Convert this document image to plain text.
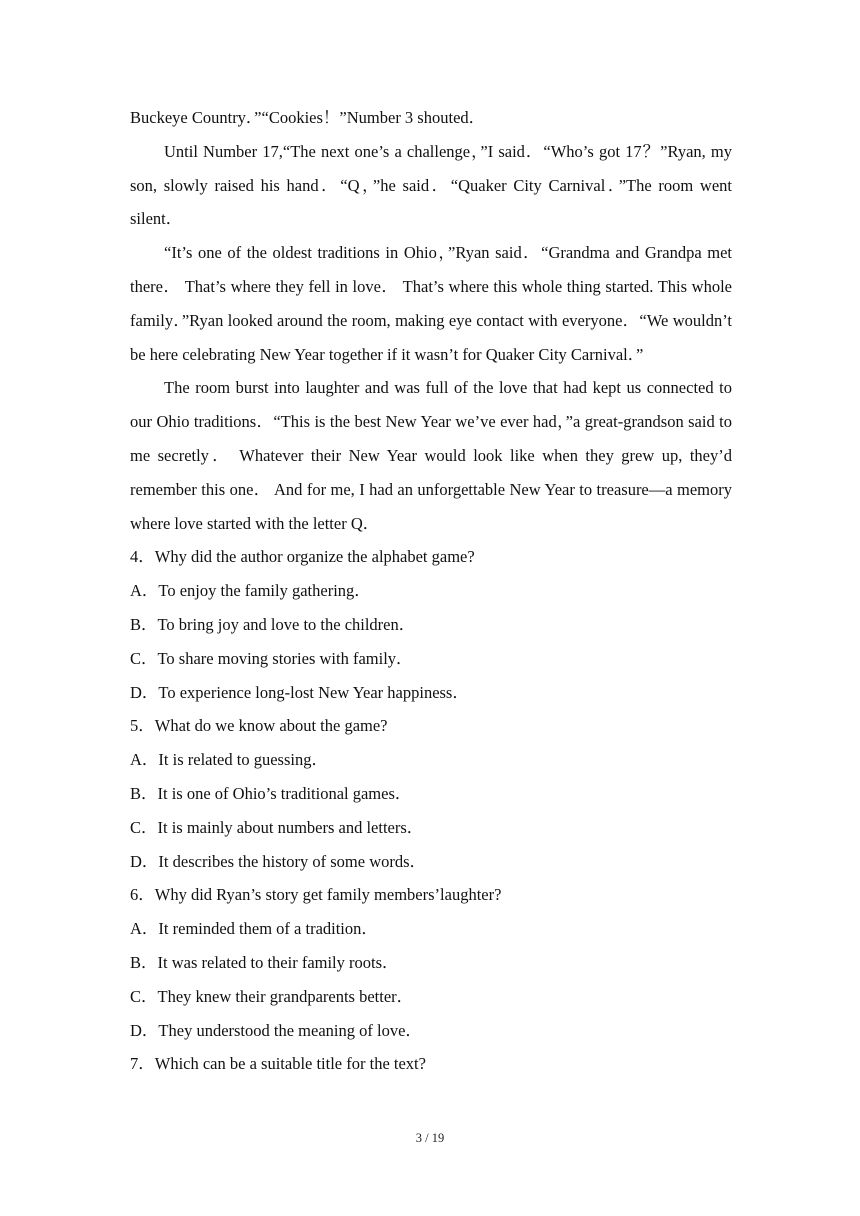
Buckeye Country．”“Cookies！”Number 3 shouted．

Until Number 17,“The next one’s a challenge，”I said．“Who’s got 17？”Ryan, my son, slowly raised his hand．“Q，”he said．“Quaker City Carnival．”The room went silent．

“It’s one of the oldest traditions in Ohio，”Ryan said．“Grandma and Grandpa met there． That’s where they fell in love． That’s where this whole thing started. This whole family．”Ryan looked around the room, making eye contact with everyone．“We wouldn’t be here celebrating New Year together if it wasn’t for Quaker City Carnival．”

The room burst into laughter and was full of the love that had kept us connected to our Ohio traditions．“This is the best New Year we’ve ever had，”a great-grandson said to me secretly． Whatever their New Year would look like when they grew up, they’d remember this one． And for me, I had an unforgettable New Year to treasure—a memory where love started with the letter Q．

4．Why did the author organize the alphabet game?

A．To enjoy the family gathering．

B．To bring joy and love to the children．

C．To share moving stories with family．

D．To experience long-lost New Year happiness．

5．What do we know about the game?

A．It is related to guessing．

B．It is one of Ohio’s traditional games．

C．It is mainly about numbers and letters．

D．It describes the history of some words．

6．Why did Ryan’s story get family members’laughter?

A．It reminded them of a tradition．

B．It was related to their family roots．

C．They knew their grandparents better．

D．They understood the meaning of love．

7．Which can be a suitable title for the text?

3 / 19
